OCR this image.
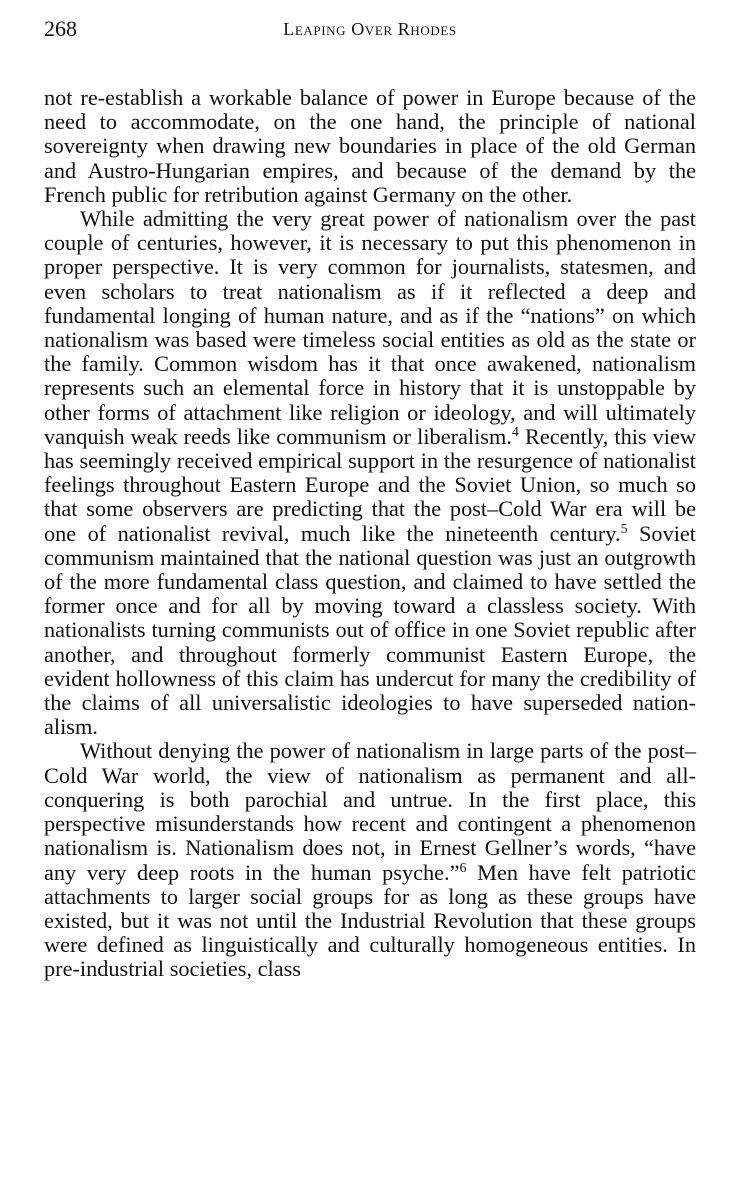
268	Leaping Over Rhodes

not re-establish a workable balance of power in Europe because of the need to accommodate, on the one hand, the principle of national sovereignty when drawing new boundaries in place of the old German and Austro-Hungarian empires, and because of the demand by the French public for retribution against Germany on the other.

While admitting the very great power of nationalism over the past couple of centuries, however, it is necessary to put this phenomenon in proper perspective. It is very common for journalists, statesmen, and even scholars to treat nationalism as if it reflected a deep and fundamental longing of human nature, and as if the “nations” on which nationalism was based were timeless social entities as old as the state or the family. Common wisdom has it that once awakened, nationalism represents such an elemental force in history that it is unstoppable by other forms of attachment like religion or ideology, and will ultimately vanquish weak reeds like communism or liberalism.$^4$ Recently, this view has seemingly received empirical support in the resurgence of nationalist feelings throughout Eastern Europe and the Soviet Union, so much so that some observers are predicting that the post–Cold War era will be one of nationalist revival, much like the nineteenth century.$^5$ Soviet communism maintained that the national question was just an outgrowth of the more fundamental class question, and claimed to have settled the former once and for all by moving toward a classless society. With nationalists turning communists out of office in one Soviet republic after another, and throughout formerly communist Eastern Europe, the evident hollowness of this claim has undercut for many the credibility of the claims of all universalistic ideologies to have superseded nationalism.

Without denying the power of nationalism in large parts of the post–Cold War world, the view of nationalism as permanent and all-conquering is both parochial and untrue. In the first place, this perspective misunderstands how recent and contingent a phenomenon nationalism is. Nationalism does not, in Ernest Gellner’s words, “have any very deep roots in the human psyche.”$^6$ Men have felt patriotic attachments to larger social groups for as long as these groups have existed, but it was not until the Industrial Revolution that these groups were defined as linguistically and culturally homogeneous entities. In pre-industrial societies, class
